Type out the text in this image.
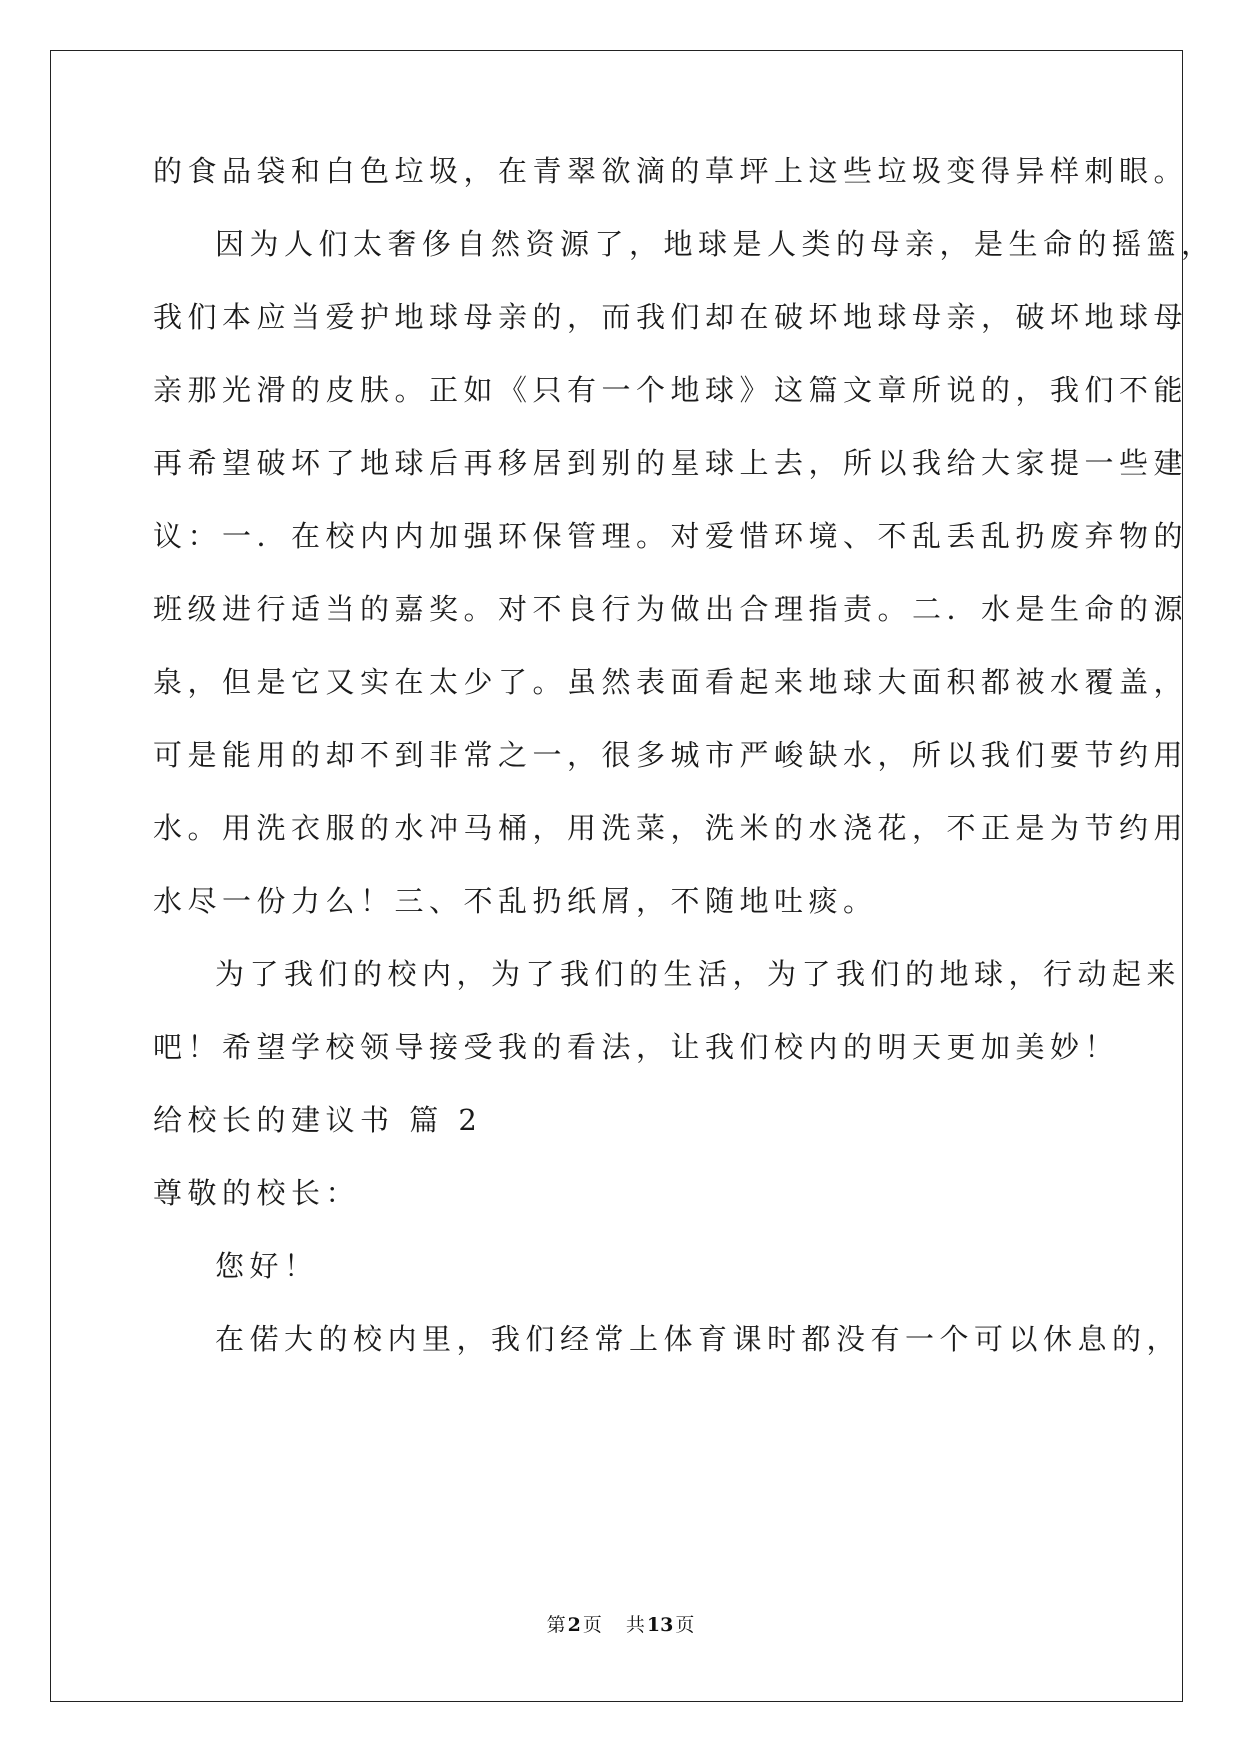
的食品袋和白色垃圾，在青翠欲滴的草坪上这些垃圾变得异样刺眼。
因为人们太奢侈自然资源了，地球是人类的母亲，是生命的摇篮，
我们本应当爱护地球母亲的，而我们却在破坏地球母亲，破坏地球母
亲那光滑的皮肤。正如《只有一个地球》这篇文章所说的，我们不能
再希望破坏了地球后再移居到别的星球上去，所以我给大家提一些建
议：一．在校内内加强环保管理。对爱惜环境、不乱丢乱扔废弃物的
班级进行适当的嘉奖。对不良行为做出合理指责。二．水是生命的源
泉，但是它又实在太少了。虽然表面看起来地球大面积都被水覆盖，
可是能用的却不到非常之一，很多城市严峻缺水，所以我们要节约用
水。用洗衣服的水冲马桶，用洗菜，洗米的水浇花，不正是为节约用
水尽一份力么！三、不乱扔纸屑，不随地吐痰。
为了我们的校内，为了我们的生活，为了我们的地球，行动起来
吧！希望学校领导接受我的看法，让我们校内的明天更加美妙！
给校长的建议书 篇 2
尊敬的校长：
您好！
在偌大的校内里，我们经常上体育课时都没有一个可以休息的，
第 2 页 共 13 页
